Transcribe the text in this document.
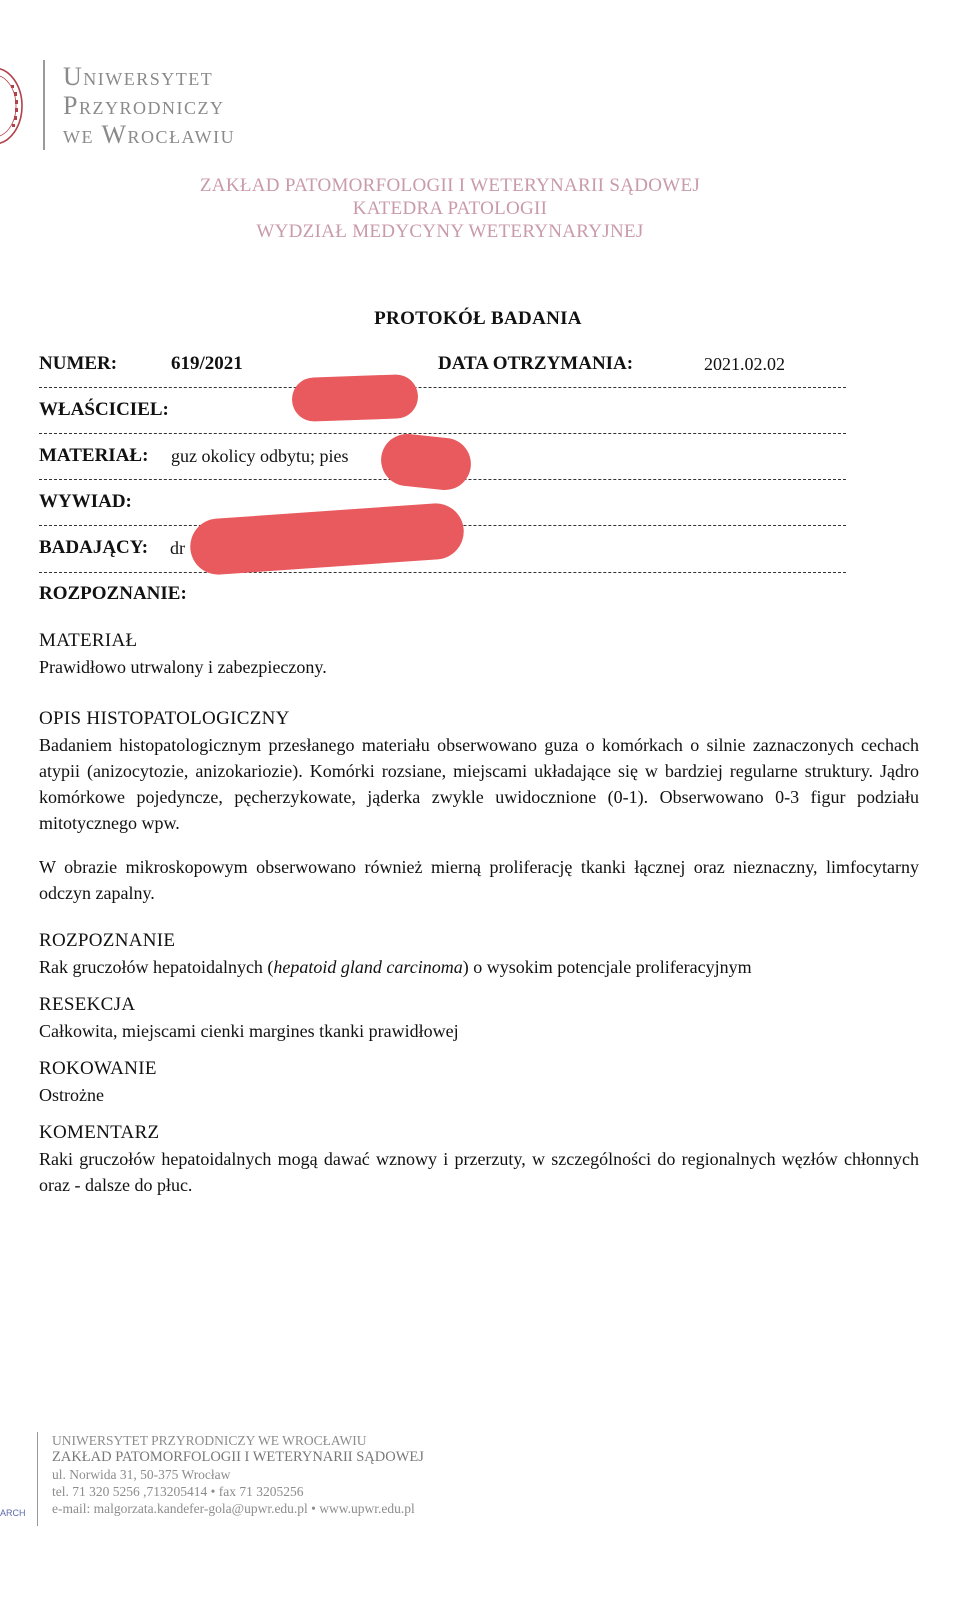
Uniwersytet
Przyrodniczy
we Wrocławiu
ZAKŁAD PATOMORFOLOGII I WETERYNARII SĄDOWEJ
KATEDRA PATOLOGII
WYDZIAŁ MEDYCYNY WETERYNARYJNEJ
PROTOKÓŁ BADANIA
NUMER:	619/2021	DATA OTRZYMANIA:	2021.02.02
WŁAŚCICIEL:
MATERIAŁ: guz okolicy odbytu; pies
WYWIAD:
BADAJĄCY: dr
ROZPOZNANIE:
MATERIAŁ
Prawidłowo utrwalony i zabezpieczony.
OPIS HISTOPATOLOGICZNY
Badaniem histopatologicznym przesłanego materiału obserwowano guza o komórkach o silnie zaznaczonych cechach atypii (anizocytozie, anizokariozie). Komórki rozsiane, miejscami układające się w bardziej regularne struktury. Jądro komórkowe pojedyncze, pęcherzykowate, jąderka zwykle uwidocznione (0-1). Obserwowano 0-3 figur podziału mitotycznego wpw.
W obrazie mikroskopowym obserwowano również mierną proliferację tkanki łącznej oraz nieznaczny, limfocytarny odczyn zapalny.
ROZPOZNANIE
Rak gruczołów hepatoidalnych (hepatoid gland carcinoma) o wysokim potencjale proliferacyjnym
RESEKCJA
Całkowita, miejscami cienki margines tkanki prawidłowej
ROKOWANIE
Ostrożne
KOMENTARZ
Raki gruczołów hepatoidalnych mogą dawać wznowy i przerzuty, w szczególności do regionalnych węzłów chłonnych oraz - dalsze do płuc.
UNIWERSYTET PRZYRODNICZY WE WROCŁAWIU
ZAKŁAD PATOMORFOLOGII I WETERYNARII SĄDOWEJ
ul. Norwida 31, 50-375 Wrocław
tel. 71 320 5256 ,713205414 • fax 71 3205256
e-mail: malgorzata.kandefer-gola@upwr.edu.pl • www.upwr.edu.pl
ARCH
